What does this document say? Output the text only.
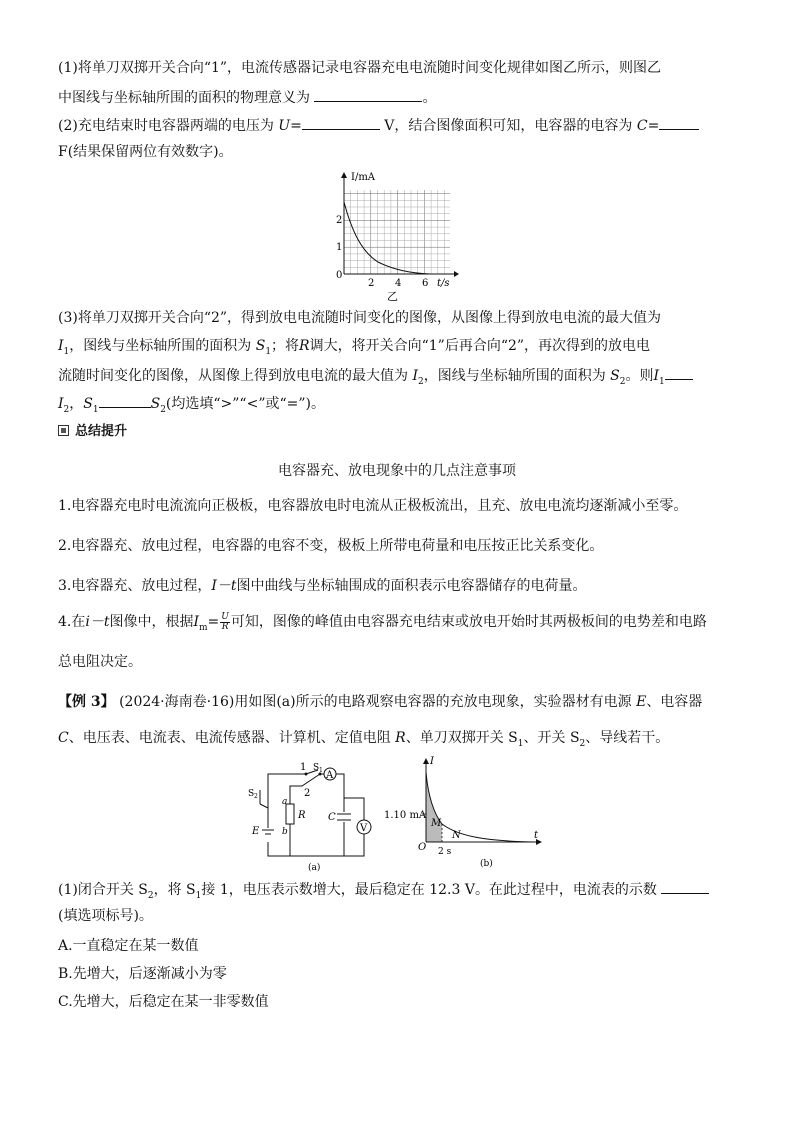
(1)将单刀双掷开关合向“1”，电流传感器记录电容器充电电流随时间变化规律如图乙所示，则图乙
中图线与坐标轴所围的面积的物理意义为	。
(2)充电结束时电容器两端的电压为 U=	V，结合图像面积可知，电容器的电容为 C=
F(结果保留两位有效数字)。
I/mA
t/s
0
1
2
2 4 6
乙
(3)将单刀双掷开关合向“2”，得到放电电流随时间变化的图像，从图像上得到放电电流的最大值为
$I_1$，图线与坐标轴所围的面积为 $S_1$；将R调大，将开关合向“1”后再合向“2”，再次得到的放电电
流随时间变化的图像，从图像上得到放电电流的最大值为 $I_2$，图线与坐标轴所围的面积为 $S_2$。则$I_1$
$I_2$，$S_1$	$S_2$(均选填“>”“<”或“=”)。
总结提升
电容器充、放电现象中的几点注意事项
1.电容器充电时电流流向正极板，电容器放电时电流从正极板流出，且充、放电电流均逐渐减小至零。
2.电容器充、放电过程，电容器的电容不变，极板上所带电荷量和电压按正比关系变化。
3.电容器充、放电过程，I－t图中曲线与坐标轴围成的面积表示电容器储存的电荷量。
4.在i－t图像中，根据$I_m= \frac{U}{R}$ 可知，图像的峰值由电容器充电结束或放电开始时其两极板间的电势差和电路
总电阻决定。
【例 3】 (2024·海南卷·16)用如图(a)所示的电路观察电容器的充放电现象，实验器材有电源 E、电容器
C、电压表、电流表、电流传感器、计算机、定值电阻 R、单刀双掷开关 $S_1$、开关 $S_2$、导线若干。
A
V
1 S 1
2
S 2
E
R
a
b
C
(a)
I
t
O
1.10 mA
2 s
M
N
(b)
(1)闭合开关 $S_2$，将 $S_1$接 1，电压表示数增大，最后稳定在 12.3 V。在此过程中，电流表的示数
(填选项标号)。
A.一直稳定在某一数值
B.先增大，后逐渐减小为零
C.先增大，后稳定在某一非零数值
